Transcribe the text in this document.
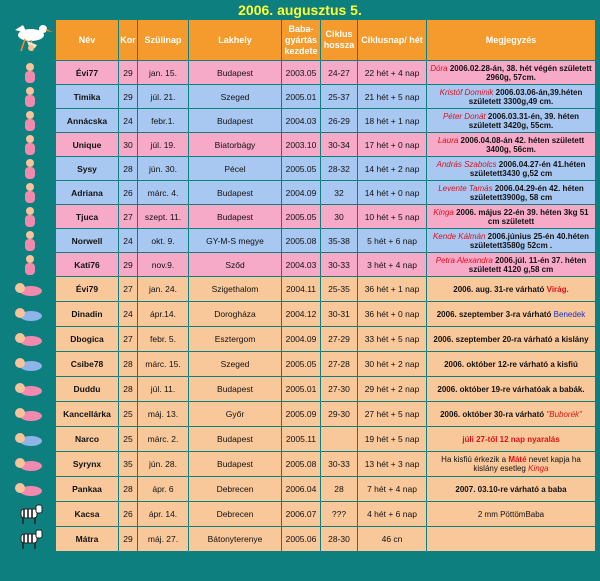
2006. augusztus 5.
	Név	Kor	Szülinap	Lakhely	Baba-gyártás kezdete	Ciklus hossza	Ciklusnap/ hét	Megjegyzés

	Évi77	29	jan. 15.	Budapest	2003.05	24-27	22 hét + 4 nap	Dóra 2006.02.28-án, 38. hét végén született 2960g, 57cm.

	Timika	29	júl. 21.	Szeged	2005.01	25-37	21 hét + 5 nap	Kristóf Dominik 2006.03.06-án,39.héten született 3300g,49 cm.

	Annácska	24	febr.1.	Budapest	2004.03	26-29	18 hét + 1 nap	Péter Donát 2006.03.31-én, 39. héten született 3420g, 55cm.

	Unique	30	júl. 19.	Biatorbágy	2003.10	30-34	17 hét + 0 nap	Laura 2006.04.08-án 42. héten született 3400g, 56cm.

	Sysy	28	jún. 30.	Pécel	2005.05	28-32	14 hét + 2 nap	András Szabolcs 2006.04.27-én 41.héten született3430 g,52 cm

	Adriana	26	márc. 4.	Budapest	2004.09	32	14 hét + 0 nap	Levente Tamás 2006.04.29-én 42. héten született3900g, 58 cm

	Tjuca	27	szept. 11.	Budapest	2005.05	30	10 hét + 5 nap	Kinga 2006. május 22-én 39. héten 3kg 51 cm született

	Norwell	24	okt. 9.	GY-M-S megye	2005.08	35-38	5 hét + 6 nap	Kende Kálmán 2006.június 25-én 40.héten született3580g 52cm .

	Kati76	29	nov.9.	Sződ	2004.03	30-33	3 hét + 4 nap	Petra Alexandra 2006.júl. 11-én 37. héten született 4120 g,58 cm

	Évi79	27	jan. 24.	Szigethalom	2004.11	25-35	36 hét + 1 nap	2006. aug. 31-re várható Virág.

	Dinadin	24	ápr.14.	Dorogháza	2004.12	30-31	36 hét + 0 nap	2006. szeptember 3-ra várható Benedek

	Dbogica	27	febr. 5.	Esztergom	2004.09	27-29	33 hét + 5 nap	2006. szeptember 20-ra várható a kislány

	Csibe78	28	márc. 15.	Szeged	2005.05	27-28	30 hét + 2 nap	2006. október 12-re várható a kisfiú

	Duddu	28	júl. 11.	Budapest	2005.01	27-30	29 hét + 2 nap	2006. október 19-re várhatóak a babák.

	Kancellárka	25	máj. 13.	Győr	2005.09	29-30	27 hét + 5 nap	2006. október 30-ra várható "Buborék"

	Narco	25	márc. 2.	Budapest	2005.11		19 hét + 5 nap	júli 27-től 12 nap nyaralás

	Syrynx	35	jún. 28.	Budapest	2005.08	30-33	13 hét + 3 nap	Ha kisfiú érkezik a Máté nevet kapja ha kislány esetleg Kinga

	Pankaa	28	ápr. 6	Debrecen	2006.04	28	7 hét + 4 nap	2007. 03.10-re várható a baba

	Kacsa	26	ápr. 14.	Debrecen	2006.07	???	4 hét + 6 nap	2 mm PöttömBaba

	Mátra	29	máj. 27.	Bátonyterenye	2005.06	28-30	46 cn	
